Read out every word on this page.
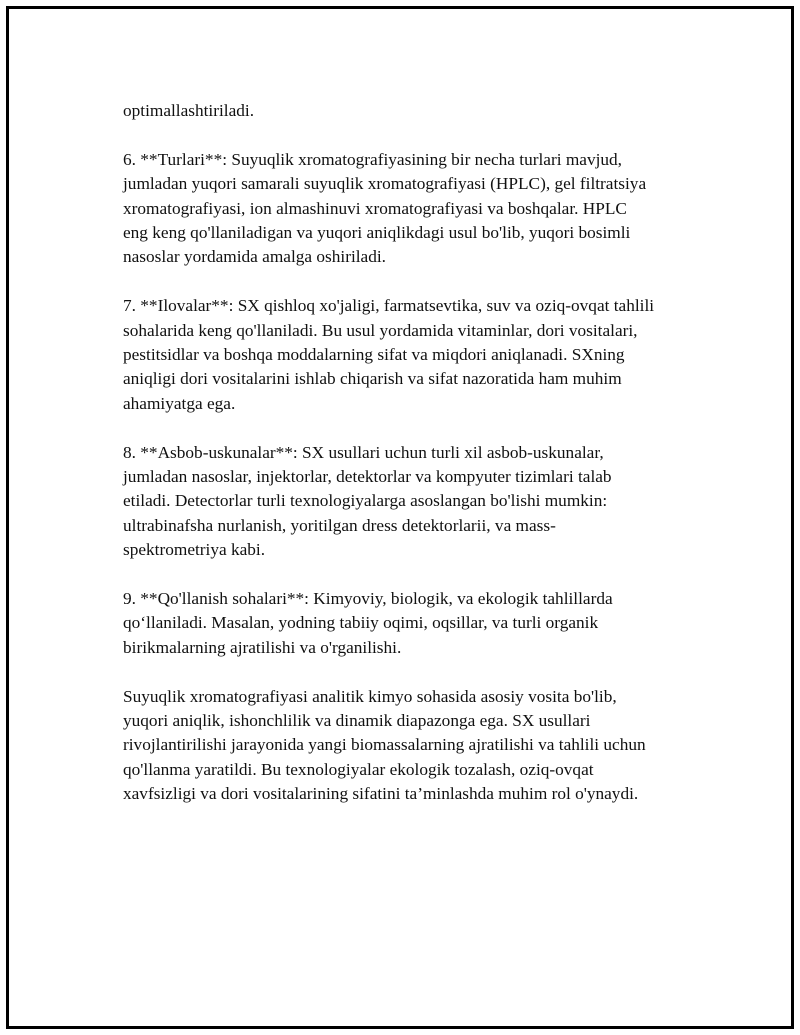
optimallashtiriladi.

6. **Turlari**: Suyuqlik xromatografiyasining bir necha turlari mavjud,
jumladan yuqori samarali suyuqlik xromatografiyasi (HPLC), gel filtratsiya
xromatografiyasi, ion almashinuvi xromatografiyasi va boshqalar. HPLC
eng keng qo'llaniladigan va yuqori aniqlikdagi usul bo'lib, yuqori bosimli
nasoslar yordamida amalga oshiriladi.

7. **Ilovalar**: SX qishloq xo'jaligi, farmatsevtika, suv va oziq-ovqat tahlili
sohalarida keng qo'llaniladi. Bu usul yordamida vitaminlar, dori vositalari,
pestitsidlar va boshqa moddalarning sifat va miqdori aniqlanadi. SXning
aniqligi dori vositalarini ishlab chiqarish va sifat nazoratida ham muhim
ahamiyatga ega.

8. **Asbob-uskunalar**: SX usullari uchun turli xil asbob-uskunalar,
jumladan nasoslar, injektorlar, detektorlar va kompyuter tizimlari talab
etiladi. Detectorlar turli texnologiyalarga asoslangan bo'lishi mumkin:
ultrabinafsha nurlanish, yoritilgan dress detektorlarii, va mass-
spektrometriya kabi.

9. **Qo'llanish sohalari**: Kimyoviy, biologik, va ekologik tahlillarda
qo‘llaniladi. Masalan, yodning tabiiy oqimi, oqsillar, va turli organik
birikmalarning ajratilishi va o'rganilishi.

Suyuqlik xromatografiyasi analitik kimyo sohasida asosiy vosita bo'lib,
yuqori aniqlik, ishonchlilik va dinamik diapazonga ega. SX usullari
rivojlantirilishi jarayonida yangi biomassalarning ajratilishi va tahlili uchun
qo'llanma yaratildi. Bu texnologiyalar ekologik tozalash, oziq-ovqat
xavfsizligi va dori vositalarining sifatini ta’minlashda muhim rol o'ynaydi.
